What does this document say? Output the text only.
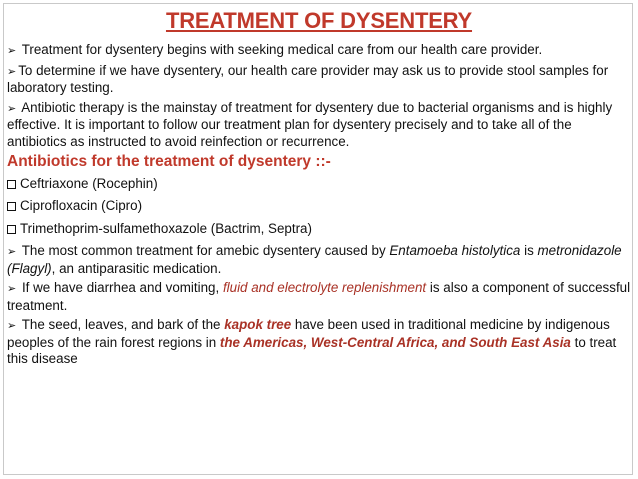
TREATMENT OF DYSENTERY

➢ Treatment for dysentery begins with seeking medical care from our health care provider.

➢ To determine if we have dysentery, our health care provider may ask us to provide stool samples for laboratory testing.

➢ Antibiotic therapy is the mainstay of treatment for dysentery due to bacterial organisms and is highly effective. It is important to follow our treatment plan for dysentery precisely and to take all of the antibiotics as instructed to avoid reinfection or recurrence.

Antibiotics for the treatment of dysentery ::-
Ceftriaxone (Rocephin)
Ciprofloxacin (Cipro)
Trimethoprim-sulfamethoxazole (Bactrim, Septra)

➢ The most common treatment for amebic dysentery caused by Entamoeba histolytica is metronidazole (Flagyl), an antiparasitic medication.

➢ If we have diarrhea and vomiting, fluid and electrolyte replenishment is also a component of successful treatment.

➢ The seed, leaves, and bark of the kapok tree have been used in traditional medicine by indigenous peoples of the rain forest regions in the Americas, West-Central Africa, and South East Asia to treat this disease
